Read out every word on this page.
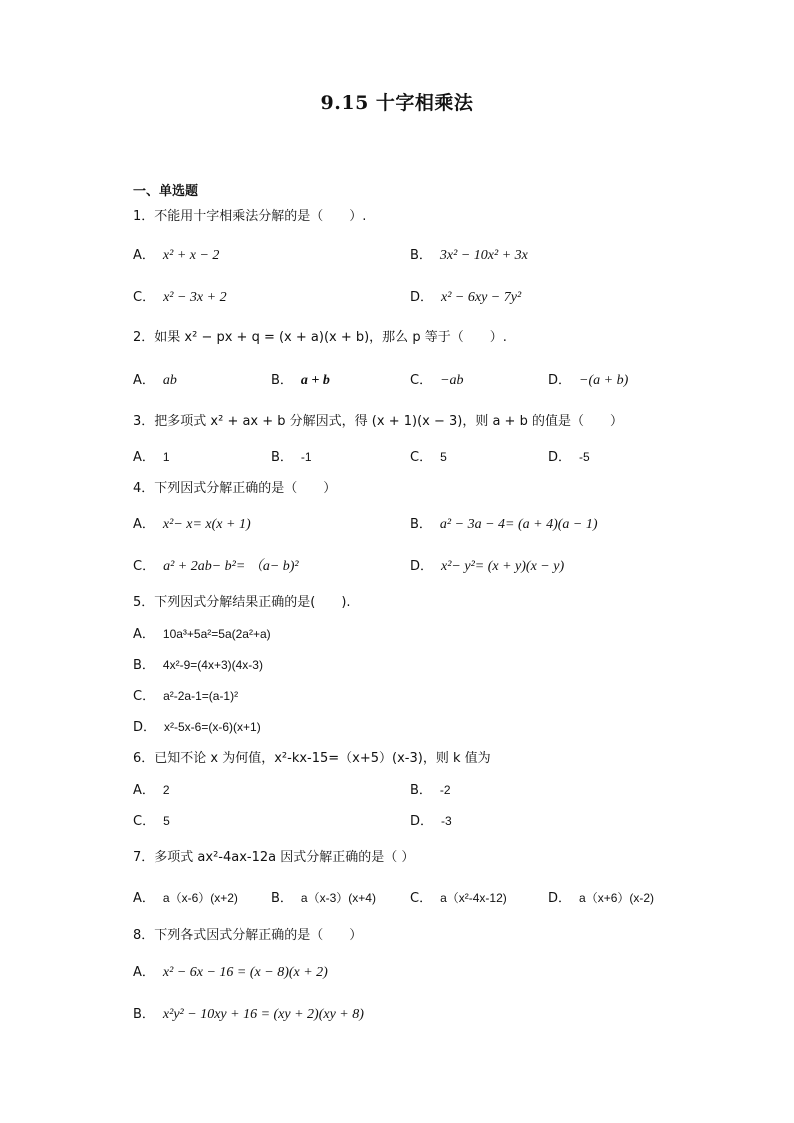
9.15 十字相乘法
一、单选题
1．不能用十字相乘法分解的是（　　）.
A． x² + x − 2	B． 3x² − 10x² + 3x
C． x² − 3x + 2	D． x² − 6xy − 7y²
2．如果 x² − px + q = (x + a)(x + b)，那么 p 等于（　　）.
A． ab	B． a + b	C． −ab	D． −(a + b)
3．把多项式 x² + ax + b 分解因式，得 (x + 1)(x − 3)，则 a + b 的值是（　　）
A． 1	B． -1	C． 5	D． -5
4．下列因式分解正确的是（　　）
A． x²− x= x(x + 1)	B． a² − 3a − 4= (a + 4)(a − 1)
C． a² + 2ab− b²= （a− b)²	D． x²− y²= (x + y)(x − y)
5．下列因式分解结果正确的是(　　).
A． 10a³+5a²=5a(2a²+a)
B． 4x²-9=(4x+3)(4x-3)
C． a²-2a-1=(a-1)²
D． x²-5x-6=(x-6)(x+1)
6．已知不论 x 为何值，x²-kx-15=（x+5）(x-3)，则 k 值为
A． 2	B． -2
C． 5	D． -3
7．多项式 ax²-4ax-12a 因式分解正确的是（ ）
A． a（x-6）(x+2)	B． a（x-3）(x+4)	C． a（x²-4x-12)	D． a（x+6）(x-2)
8．下列各式因式分解正确的是（　　）
A． x² − 6x − 16 = (x − 8)(x + 2)
B． x²y² − 10xy + 16 = (xy + 2)(xy + 8)
